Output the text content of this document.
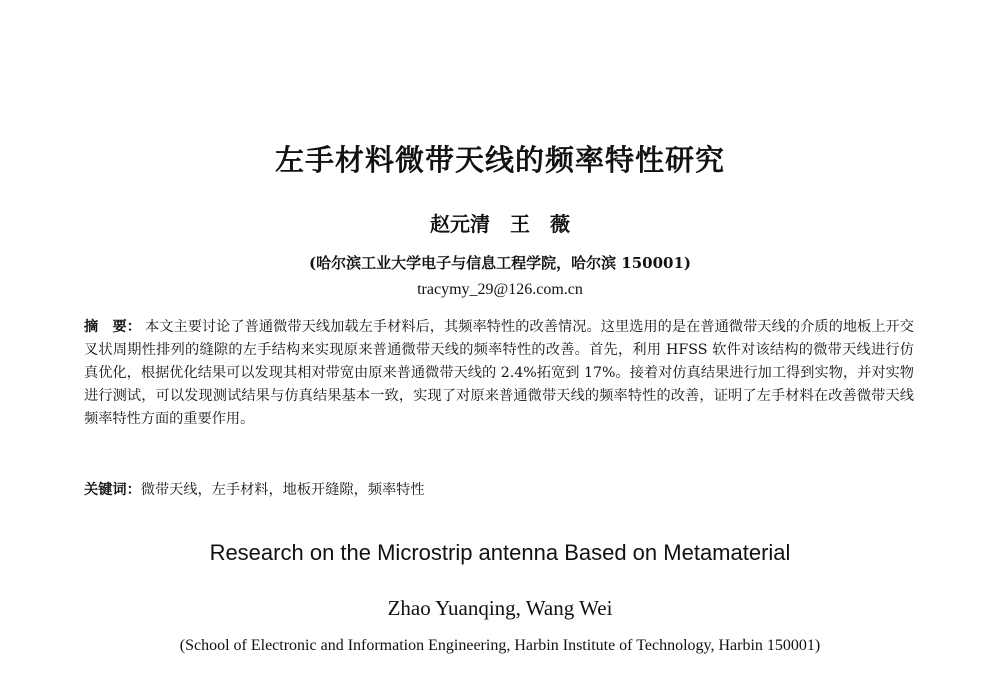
左手材料微带天线的频率特性研究
赵元清　王　薇
(哈尔滨工业大学电子与信息工程学院，哈尔滨 150001)
tracymy_29@126.com.cn
摘　要： 本文主要讨论了普通微带天线加载左手材料后，其频率特性的改善情况。这里选用的是在普通微带天线的介质的地板上开交叉状周期性排列的缝隙的左手结构来实现原来普通微带天线的频率特性的改善。首先，利用 HFSS 软件对该结构的微带天线进行仿真优化，根据优化结果可以发现其相对带宽由原来普通微带天线的 2.4%拓宽到 17%。接着对仿真结果进行加工得到实物，并对实物进行测试，可以发现测试结果与仿真结果基本一致，实现了对原来普通微带天线的频率特性的改善，证明了左手材料在改善微带天线频率特性方面的重要作用。
关键词：微带天线，左手材料，地板开缝隙，频率特性
Research on the Microstrip antenna Based on Metamaterial
Zhao Yuanqing, Wang Wei
(School of Electronic and Information Engineering, Harbin Institute of Technology, Harbin 150001)
